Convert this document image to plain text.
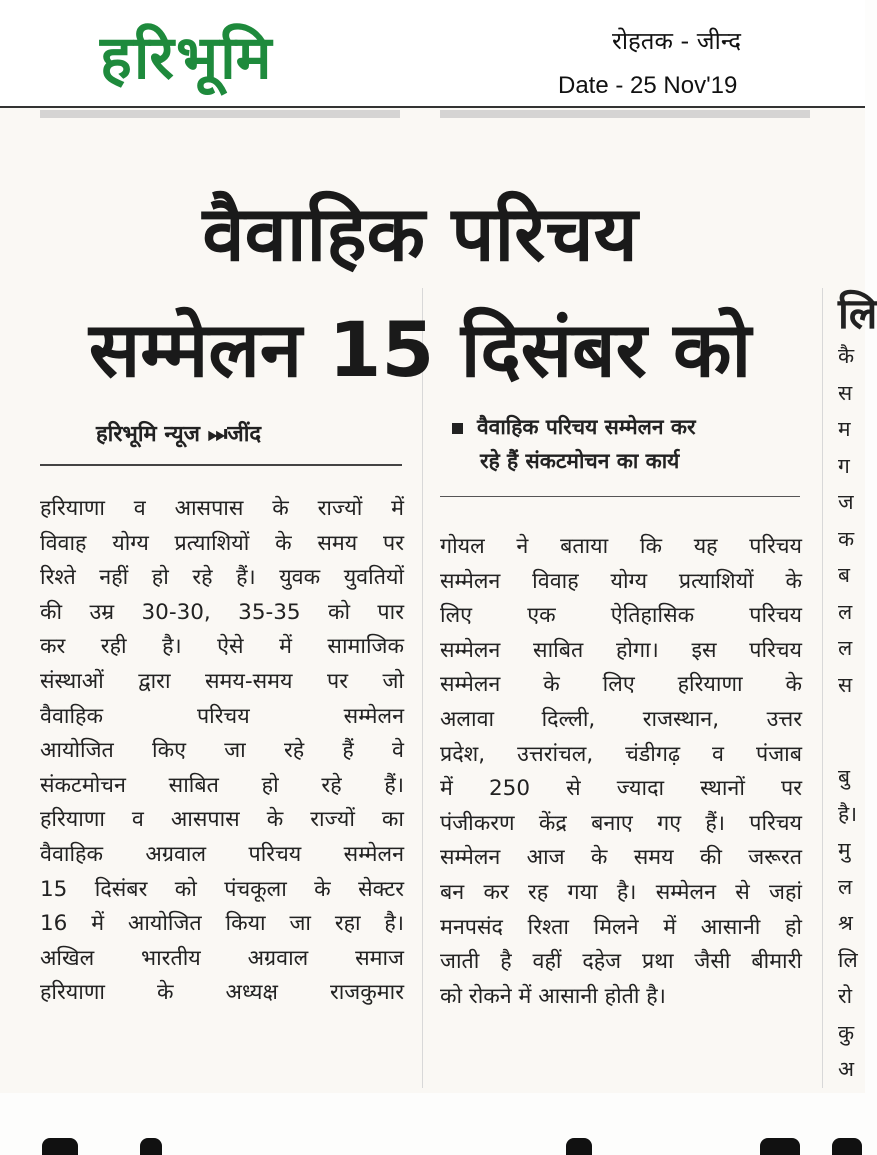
हरिभूमि	रोहतक - जीन्द
Date - 25 Nov'19
वैवाहिक परिचय
सम्मेलन 15 दिसंबर को
हरिभूमि न्यूज ⏭जींद	वैवाहिक परिचय सम्मेलन कर
रहे हैं संकटमोचन का कार्य
हरियाणा व आसपास के राज्यों में
विवाह योग्य प्रत्याशियों के समय पर
रिश्ते नहीं हो रहे हैं। युवक युवतियों
की उम्र 30-30, 35-35 को पार
कर रही है। ऐसे में सामाजिक
संस्थाओं द्वारा समय-समय पर जो
वैवाहिक परिचय सम्मेलन
आयोजित किए जा रहे हैं वे
संकटमोचन साबित हो रहे हैं।
हरियाणा व आसपास के राज्यों का
वैवाहिक अग्रवाल परिचय सम्मेलन
15 दिसंबर को पंचकूला के सेक्टर
16 में आयोजित किया जा रहा है।
अखिल भारतीय अग्रवाल समाज
हरियाणा के अध्यक्ष राजकुमार
गोयल ने बताया कि यह परिचय
सम्मेलन विवाह योग्य प्रत्याशियों के
लिए एक ऐतिहासिक परिचय
सम्मेलन साबित होगा। इस परिचय
सम्मेलन के लिए हरियाणा के
अलावा दिल्ली, राजस्थान, उत्तर
प्रदेश, उत्तरांचल, चंडीगढ़ व पंजाब
में 250 से ज्यादा स्थानों पर
पंजीकरण केंद्र बनाए गए हैं। परिचय
सम्मेलन आज के समय की जरूरत
बन कर रह गया है। सम्मेलन से जहां
मनपसंद रिश्ता मिलने में आसानी हो
जाती है वहीं दहेज प्रथा जैसी बीमारी
को रोकने में आसानी होती है।
लि
कै
स
म
ग
ज
क
ब
ल
ल
स
बु
है।
मु
ल
श्र
लि
रो
कु
अ
